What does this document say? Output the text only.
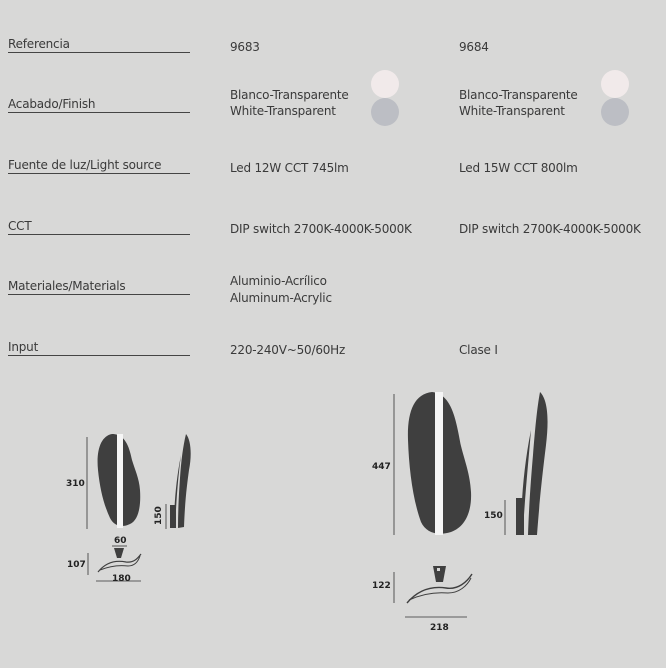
Referencia
Acabado/Finish
Fuente de luz/Light source
CCT
Materiales/Materials
Input
9683
Blanco-Transparente
White-Transparent
Led 12W CCT 745lm
DIP switch 2700K-4000K-5000K
Aluminio-Acrílico
Aluminum-Acrylic
220-240V~50/60Hz
9684
Blanco-Transparente
White-Transparent
Led 15W CCT 800lm
DIP switch 2700K-4000K-5000K
Clase I
310
150
60
107
180
447
150
122
218
